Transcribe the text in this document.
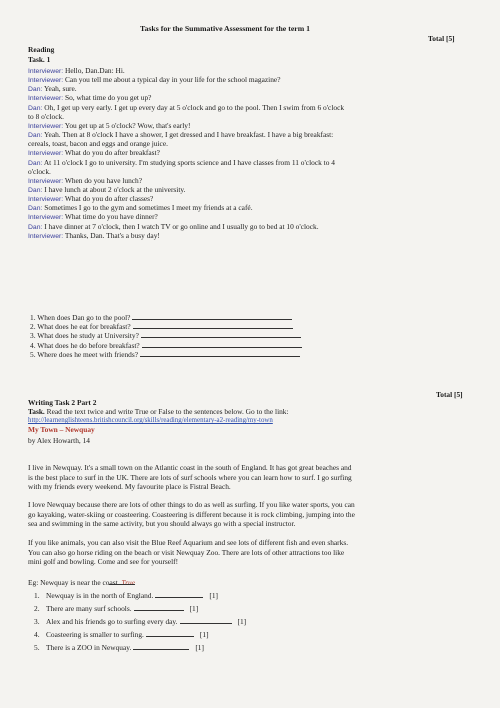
Tasks for the Summative Assessment for the term 1
Total [5]
Reading
Task. 1
Interviewer: Hello, Dan.Dan: Hi.
Interviewer: Can you tell me about a typical day in your life for the school magazine?
Dan: Yeah, sure.
Interviewer: So, what time do you get up?
Dan: Oh, I get up very early. I get up every day at 5 o'clock and go to the pool. Then I swim from 6 o'clock
to 8 o'clock.
Interviewer: You get up at 5 o'clock? Wow, that's early!
Dan: Yeah. Then at 8 o'clock I have a shower, I get dressed and I have breakfast. I have a big breakfast:
cereals, toast, bacon and eggs and orange juice.
Interviewer: What do you do after breakfast?
Dan: At 11 o'clock I go to university. I'm studying sports science and I have classes from 11 o'clock to 4
o'clock.
Interviewer: When do you have lunch?
Dan: I have lunch at about 2 o'clock at the university.
Interviewer: What do you do after classes?
Dan: Sometimes I go to the gym and sometimes I meet my friends at a café.
Interviewer: What time do you have dinner?
Dan: I have dinner at 7 o'clock, then I watch TV or go online and I usually go to bed at 10 o'clock.
Interviewer: Thanks, Dan. That's a busy day!
1. When does Dan go to the pool?
2. What does he eat for breakfast?
3. What does he study at University?
4. What does he do before breakfast?
5. Where does he meet with friends?
Total [5]
Writing Task 2 Part 2
Task. Read the text twice and write True or False to the sentences below. Go to the link:
http://learnenglishteens.britishcouncil.org/skills/reading/elementary-a2-reading/my-town
My Town – Newquay
by Alex Howarth, 14
I live in Newquay. It's a small town on the Atlantic coast in the south of England. It has got great beaches and
is the best place to surf in the UK. There are lots of surf schools where you can learn how to surf. I go surfing
with my friends every weekend. My favourite place is Fistral Beach.
I love Newquay because there are lots of other things to do as well as surfing. If you like water sports, you can
go kayaking, water-skiing or coasteering. Coasteering is different because it is rock climbing, jumping into the
sea and swimming in the same activity, but you should always go with a special instructor.
If you like animals, you can also visit the Blue Reef Aquarium and see lots of different fish and even sharks.
You can also go horse riding on the beach or visit Newquay Zoo. There are lots of other attractions too like
mini golf and bowling. Come and see for yourself!
Eg: Newquay is near the coast. True
1. Newquay is in the north of England.	[1]
2. There are many surf schools.	[1]
3. Alex and his friends go to surfing every day.	[1]
4. Coasteering is smaller to surfing.	[1]
5. There is a ZOO in Newquay.	[1]
